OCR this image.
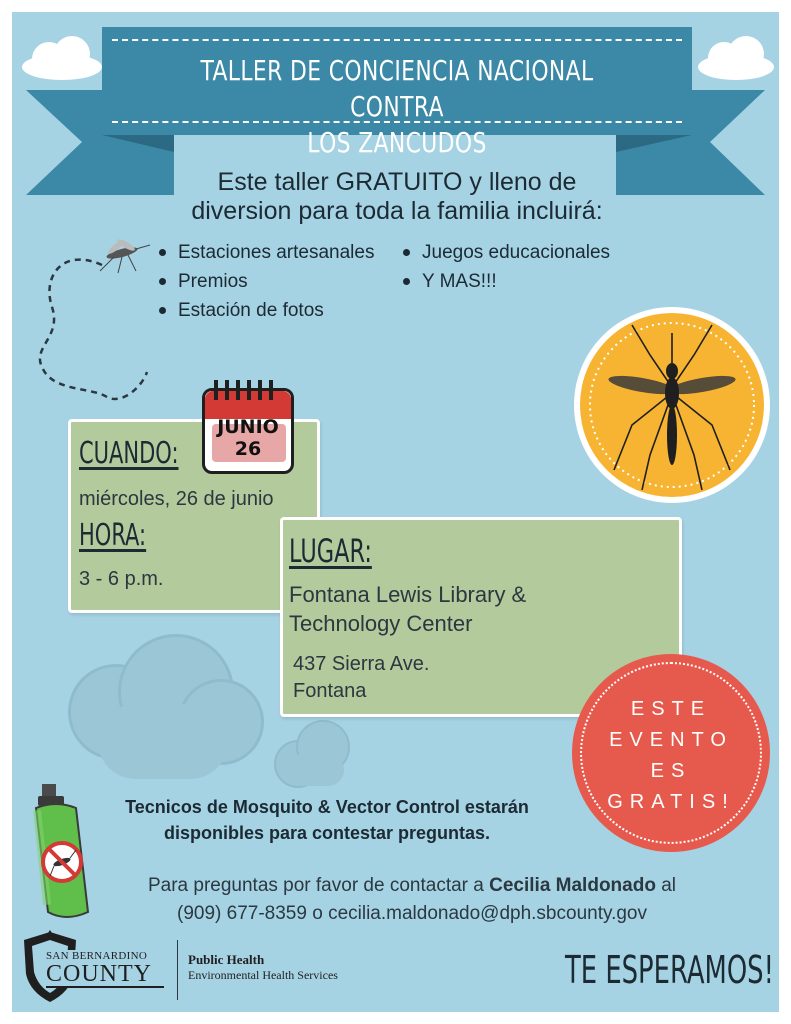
TALLER DE CONCIENCIA NACIONAL CONTRA
LOS ZANCUDOS
Este taller GRATUITO y lleno de
diversion para toda la familia incluirá:
Estaciones artesanales
Premios
Estación de fotos
Juegos educacionales
Y MAS!!!
CUANDO:
miércoles, 26 de junio
HORA:
3 - 6 p.m.
JUNIO
26
LUGAR:
Fontana Lewis Library &
Technology Center
437 Sierra Ave.
Fontana
ESTE
EVENTO
ES
GRATIS!
Tecnicos de Mosquito & Vector Control estarán
disponibles para contestar preguntas.
Para preguntas por favor de contactar a Cecilia Maldonado al
(909) 677-8359 o cecilia.maldonado@dph.sbcounty.gov
SAN BERNARDINO
COUNTY
Public Health
Environmental Health Services	TE ESPERAMOS!
